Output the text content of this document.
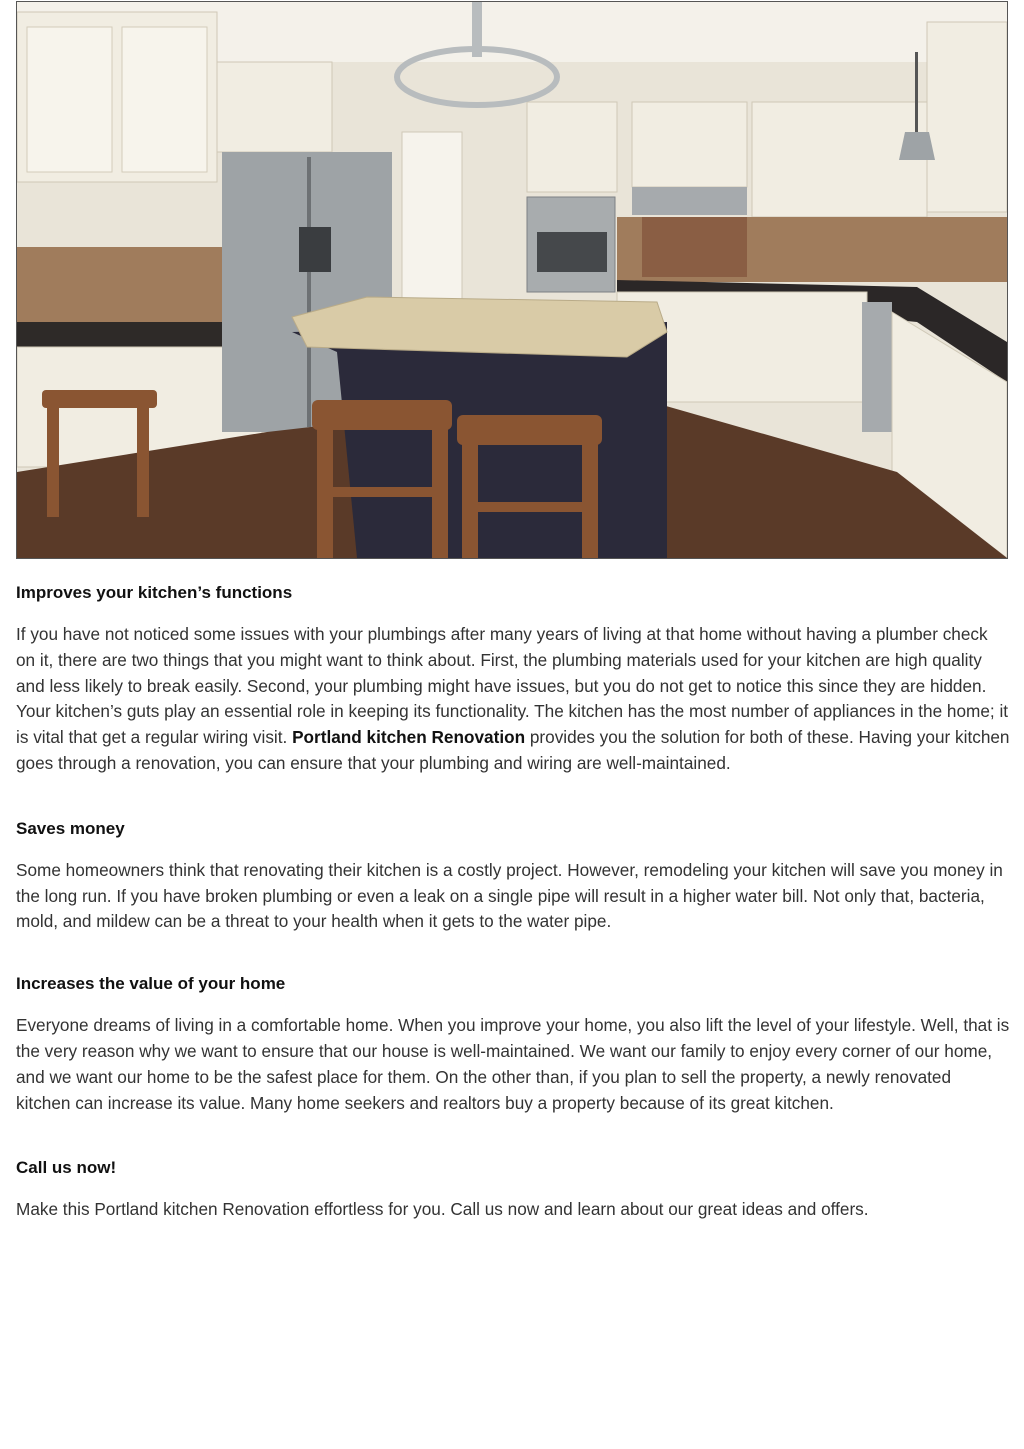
Improves your kitchen’s functions

If you have not noticed some issues with your plumbings after many years of living at that home without having a plumber check on it, there are two things that you might want to think about. First, the plumbing materials used for your kitchen are high quality and less likely to break easily. Second, your plumbing might have issues, but you do not get to notice this since they are hidden. Your kitchen’s guts play an essential role in keeping its functionality. The kitchen has the most number of appliances in the home; it is vital that get a regular wiring visit. Portland kitchen Renovation provides you the solution for both of these. Having your kitchen goes through a renovation, you can ensure that your plumbing and wiring are well-maintained.

Saves money

Some homeowners think that renovating their kitchen is a costly project. However, remodeling your kitchen will save you money in the long run. If you have broken plumbing or even a leak on a single pipe will result in a higher water bill. Not only that, bacteria, mold, and mildew can be a threat to your health when it gets to the water pipe.

Increases the value of your home

Everyone dreams of living in a comfortable home. When you improve your home, you also lift the level of your lifestyle. Well, that is the very reason why we want to ensure that our house is well-maintained. We want our family to enjoy every corner of our home, and we want our home to be the safest place for them. On the other than, if you plan to sell the property, a newly renovated kitchen can increase its value. Many home seekers and realtors buy a property because of its great kitchen.

Call us now!

Make this Portland kitchen Renovation effortless for you. Call us now and learn about our great ideas and offers.
